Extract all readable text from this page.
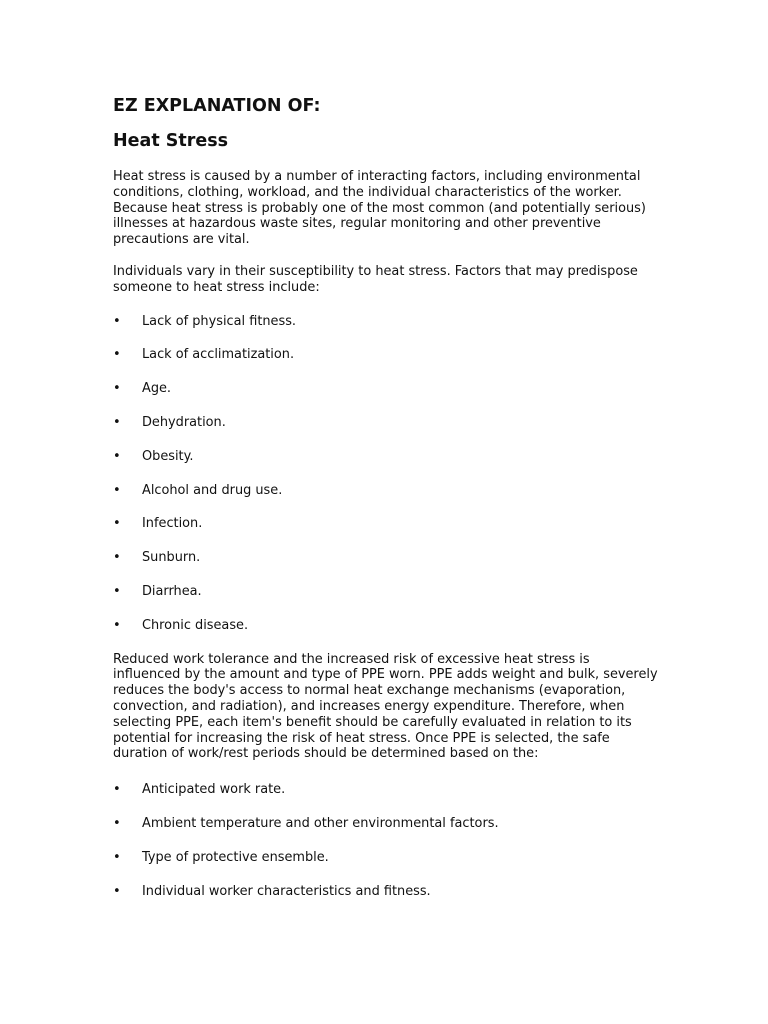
EZ EXPLANATION OF:
Heat Stress

Heat stress is caused by a number of interacting factors, including environmental conditions, clothing, workload, and the individual characteristics of the worker. Because heat stress is probably one of the most common (and potentially serious) illnesses at hazardous waste sites, regular monitoring and other preventive precautions are vital.

Individuals vary in their susceptibility to heat stress. Factors that may predispose someone to heat stress include:

•	Lack of physical fitness.
•	Lack of acclimatization.
•	Age.
•	Dehydration.
•	Obesity.
•	Alcohol and drug use.
•	Infection.
•	Sunburn.
•	Diarrhea.
•	Chronic disease.

Reduced work tolerance and the increased risk of excessive heat stress is influenced by the amount and type of PPE worn. PPE adds weight and bulk, severely reduces the body's access to normal heat exchange mechanisms (evaporation, convection, and radiation), and increases energy expenditure. Therefore, when selecting PPE, each item's benefit should be carefully evaluated in relation to its potential for increasing the risk of heat stress. Once PPE is selected, the safe duration of work/rest periods should be determined based on the:

•	Anticipated work rate.
•	Ambient temperature and other environmental factors.
•	Type of protective ensemble.
•	Individual worker characteristics and fitness.
